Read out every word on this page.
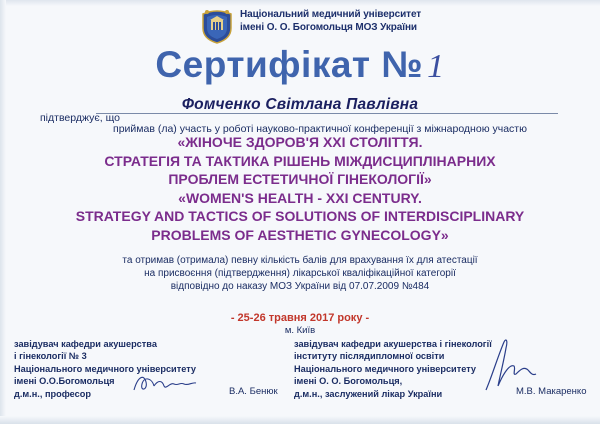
Національний медичний університет
імені О. О. Богомольця МОЗ України
Сертифікат № 1
підтверджує, що
Фомченко Світлана Павлівна
приймав (ла) участь у роботі науково-практичної конференції з міжнародною участю
«ЖІНОЧЕ ЗДОРОВ'Я XXI СТОЛІТТЯ.
СТРАТЕГІЯ ТА ТАКТИКА РІШЕНЬ МІЖДИСЦИПЛІНАРНИХ
ПРОБЛЕМ ЕСТЕТИЧНОЇ ГІНЕКОЛОГІЇ»
«WOMEN'S HEALTH - XXI CENTURY.
STRATEGY AND TACTICS OF SOLUTIONS OF INTERDISCIPLINARY
PROBLEMS OF AESTHETIC GYNECOLOGY»
та отримав (отримала) певну кількість балів для врахування їх для атестації
на присвоєння (підтвердження) лікарської кваліфікаційної категорії
відповідно до наказу МОЗ України від 07.07.2009 №484
- 25-26 травня 2017 року -
м. Київ
завідувач кафедри акушерства
і гінекології № 3
Національного медичного університету
імені О.О.Богомольця
д.м.н., професор	В.А. Бенюк
завідувач кафедри акушерства і гінекології
інституту післядипломної освіти
Національного медичного університету
імені О. О. Богомольця,
д.м.н., заслужений лікар України	М.В. Макаренко
